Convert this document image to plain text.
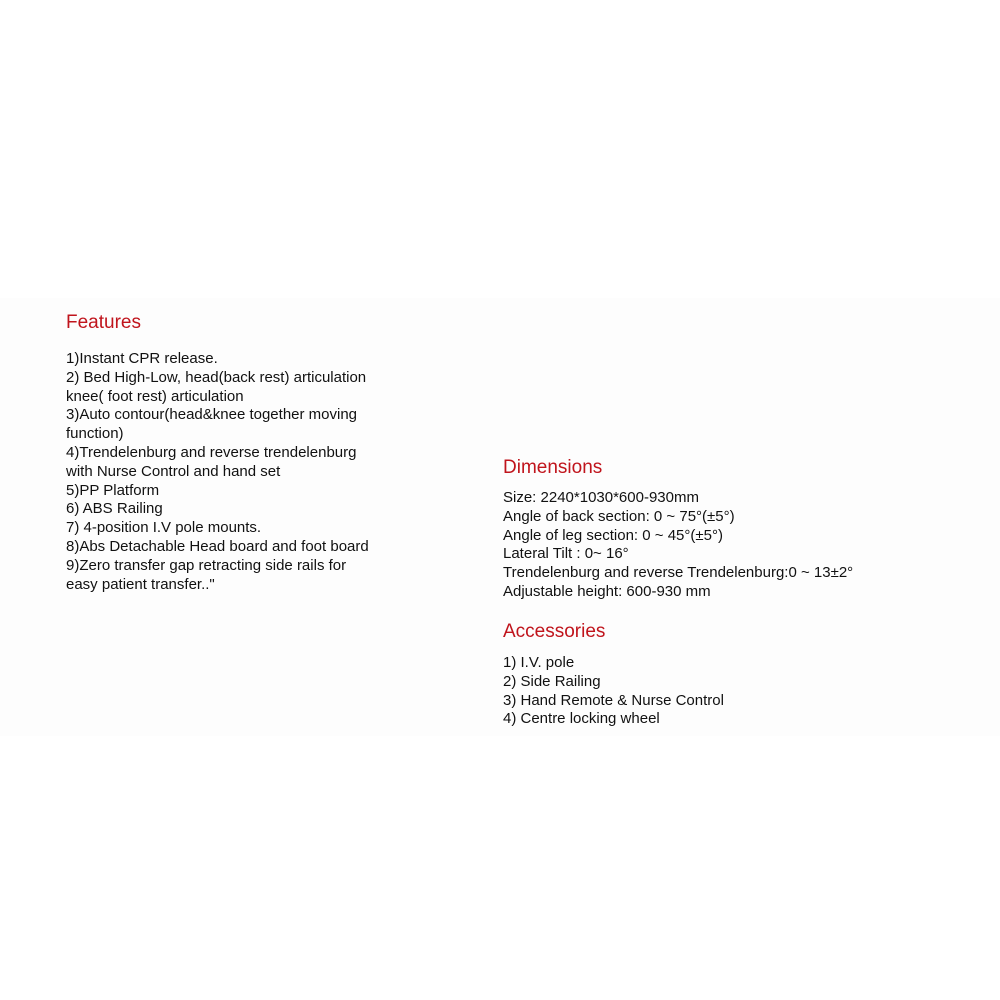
Features
1)Instant CPR release.
2) Bed High-Low, head(back rest) articulation
knee( foot rest) articulation
3)Auto contour(head&knee together moving
function)
4)Trendelenburg and reverse trendelenburg
with Nurse Control and hand set
5)PP Platform
6) ABS Railing
7) 4-position I.V pole mounts.
8)Abs Detachable Head board and foot board
9)Zero transfer gap retracting side rails for
easy patient transfer.."
Dimensions
Size: 2240*1030*600-930mm
Angle of back section: 0 ~ 75°(±5°)
Angle of leg section: 0 ~ 45°(±5°)
Lateral Tilt : 0~ 16°
Trendelenburg and reverse Trendelenburg:0 ~ 13±2°
Adjustable height: 600-930 mm
Accessories
1) I.V. pole
2) Side Railing
3) Hand Remote & Nurse Control
4) Centre locking wheel
